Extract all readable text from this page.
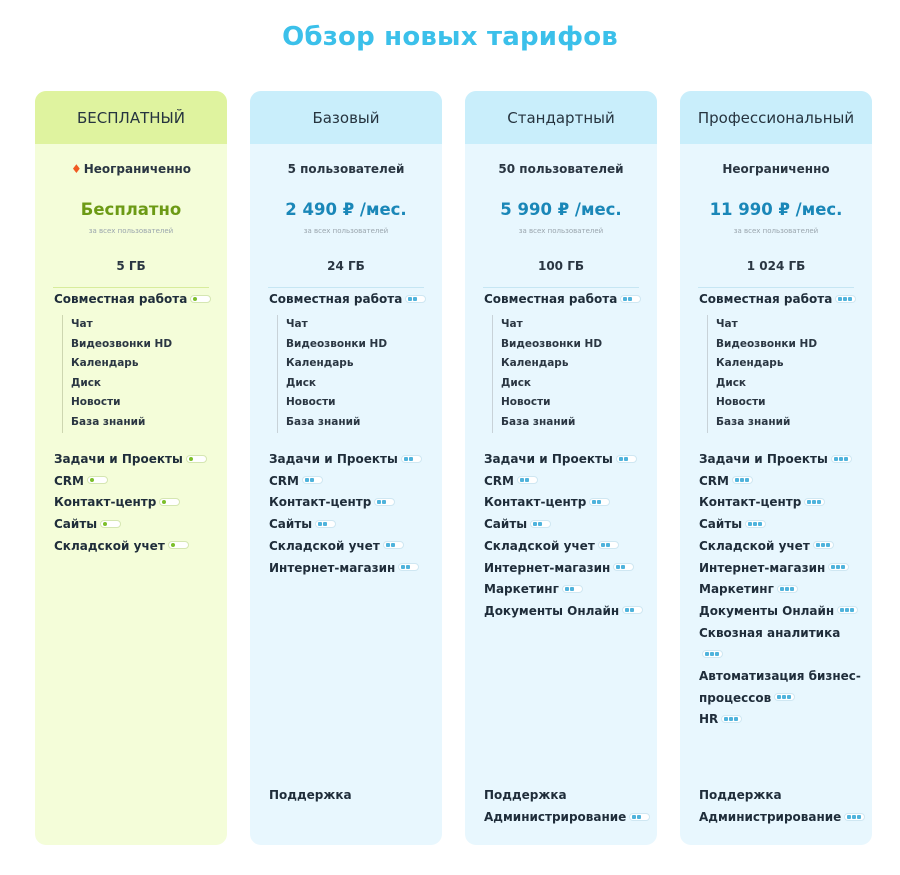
Обзор новых тарифов
БЕСПЛАТНЫЙ
♦ Неограниченно
Бесплатно
за всех пользователей
5 ГБ
Совместная работа
Чат
Видеозвонки HD
Календарь
Диск
Новости
База знаний
Задачи и Проекты
CRM
Контакт-центр
Сайты
Складской учет
Базовый
5 пользователей
2 490 ₽ /мес.
за всех пользователей
24 ГБ
Совместная работа
Чат
Видеозвонки HD
Календарь
Диск
Новости
База знаний
Задачи и Проекты
CRM
Контакт-центр
Сайты
Складской учет
Интернет-магазин
Поддержка
Стандартный
50 пользователей
5 990 ₽ /мес.
за всех пользователей
100 ГБ
Совместная работа
Чат
Видеозвонки HD
Календарь
Диск
Новости
База знаний
Задачи и Проекты
CRM
Контакт-центр
Сайты
Складской учет
Интернет-магазин
Маркетинг
Документы Онлайн
Поддержка
Администрирование
Профессиональный
Неограниченно
11 990 ₽ /мес.
за всех пользователей
1 024 ГБ
Совместная работа
Чат
Видеозвонки HD
Календарь
Диск
Новости
База знаний
Задачи и Проекты
CRM
Контакт-центр
Сайты
Складской учет
Интернет-магазин
Маркетинг
Документы Онлайн
Сквозная аналитика
Автоматизация бизнес-процессов
HR
Поддержка
Администрирование
